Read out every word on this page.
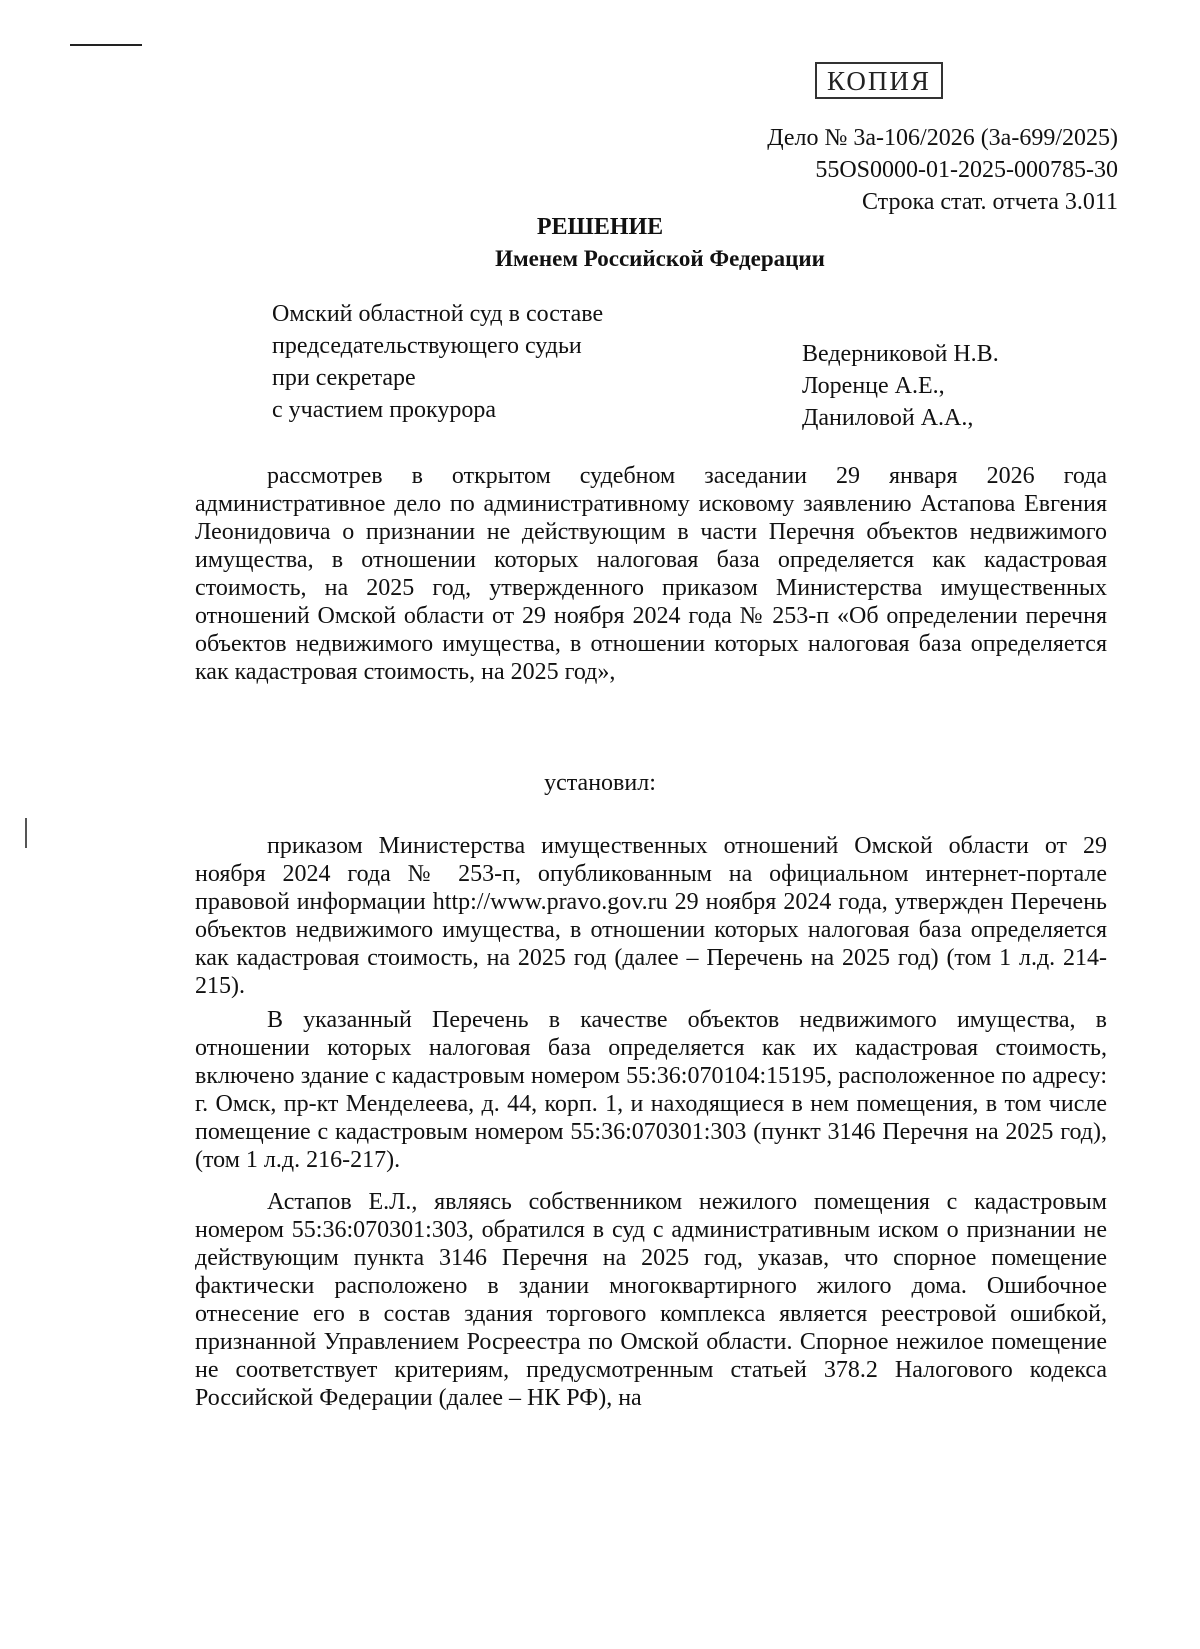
КОПИЯ
Дело № 3а-106/2026 (3а-699/2025)
55OS0000-01-2025-000785-30
Строка стат. отчета 3.011
РЕШЕНИЕ
Именем Российской Федерации
Омский областной суд в составе
председательствующего судьи	Ведерниковой Н.В.
при секретаре	Лоренце А.Е.,
с участием прокурора	Даниловой А.А.,

рассмотрев в открытом судебном заседании 29 января 2026 года административное дело по административному исковому заявлению Астапова Евгения Леонидовича о признании не действующим в части Перечня объектов недвижимого имущества, в отношении которых налоговая база определяется как кадастровая стоимость, на 2025 год, утвержденного приказом Министерства имущественных отношений Омской области от 29 ноября 2024 года № 253-п «Об определении перечня объектов недвижимого имущества, в отношении которых налоговая база определяется как кадастровая стоимость, на 2025 год»,

установил:

приказом Министерства имущественных отношений Омской области от 29 ноября 2024 года № 253-п, опубликованным на официальном интернет-портале правовой информации http://www.pravo.gov.ru 29 ноября 2024 года, утвержден Перечень объектов недвижимого имущества, в отношении которых налоговая база определяется как кадастровая стоимость, на 2025 год (далее – Перечень на 2025 год) (том 1 л.д. 214-215).

В указанный Перечень в качестве объектов недвижимого имущества, в отношении которых налоговая база определяется как их кадастровая стоимость, включено здание с кадастровым номером 55:36:070104:15195, расположенное по адресу: г. Омск, пр-кт Менделеева, д. 44, корп. 1, и находящиеся в нем помещения, в том числе помещение с кадастровым номером 55:36:070301:303 (пункт 3146 Перечня на 2025 год), (том 1 л.д. 216-217).

Астапов Е.Л., являясь собственником нежилого помещения с кадастровым номером 55:36:070301:303, обратился в суд с административным иском о признании не действующим пункта 3146 Перечня на 2025 год, указав, что спорное помещение фактически расположено в здании многоквартирного жилого дома. Ошибочное отнесение его в состав здания торгового комплекса является реестровой ошибкой, признанной Управлением Росреестра по Омской области. Спорное нежилое помещение не соответствует критериям, предусмотренным статьей 378.2 Налогового кодекса Российской Федерации (далее – НК РФ), на
